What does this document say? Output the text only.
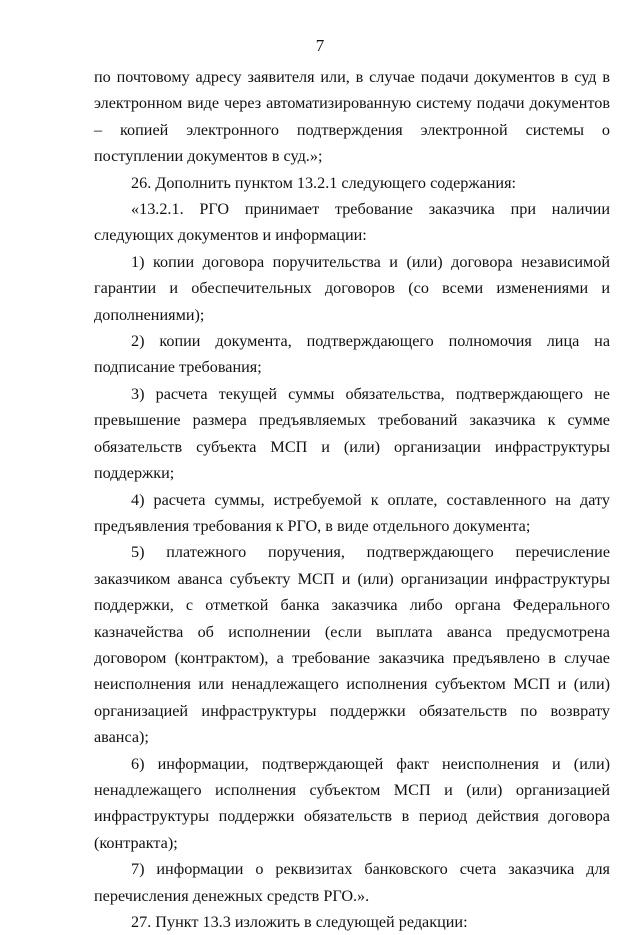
7

по почтовому адресу заявителя или, в случае подачи документов в суд в электронном виде через автоматизированную систему подачи документов – копией электронного подтверждения электронной системы о поступлении документов в суд.»;

26. Дополнить пунктом 13.2.1 следующего содержания:

«13.2.1. РГО принимает требование заказчика при наличии следующих документов и информации:

1) копии договора поручительства и (или) договора независимой гарантии и обеспечительных договоров (со всеми изменениями и дополнениями);

2) копии документа, подтверждающего полномочия лица на подписание требования;

3) расчета текущей суммы обязательства, подтверждающего не превышение размера предъявляемых требований заказчика к сумме обязательств субъекта МСП и (или) организации инфраструктуры поддержки;

4) расчета суммы, истребуемой к оплате, составленного на дату предъявления требования к РГО, в виде отдельного документа;

5) платежного поручения, подтверждающего перечисление заказчиком аванса субъекту МСП и (или) организации инфраструктуры поддержки, с отметкой банка заказчика либо органа Федерального казначейства об исполнении (если выплата аванса предусмотрена договором (контрактом), а требование заказчика предъявлено в случае неисполнения или ненадлежащего исполнения субъектом МСП и (или) организацией инфраструктуры поддержки обязательств по возврату аванса);

6) информации, подтверждающей факт неисполнения и (или) ненадлежащего исполнения субъектом МСП и (или) организацией инфраструктуры поддержки обязательств в период действия договора (контракта);

7) информации о реквизитах банковского счета заказчика для перечисления денежных средств РГО.».

27. Пункт 13.3 изложить в следующей редакции:
